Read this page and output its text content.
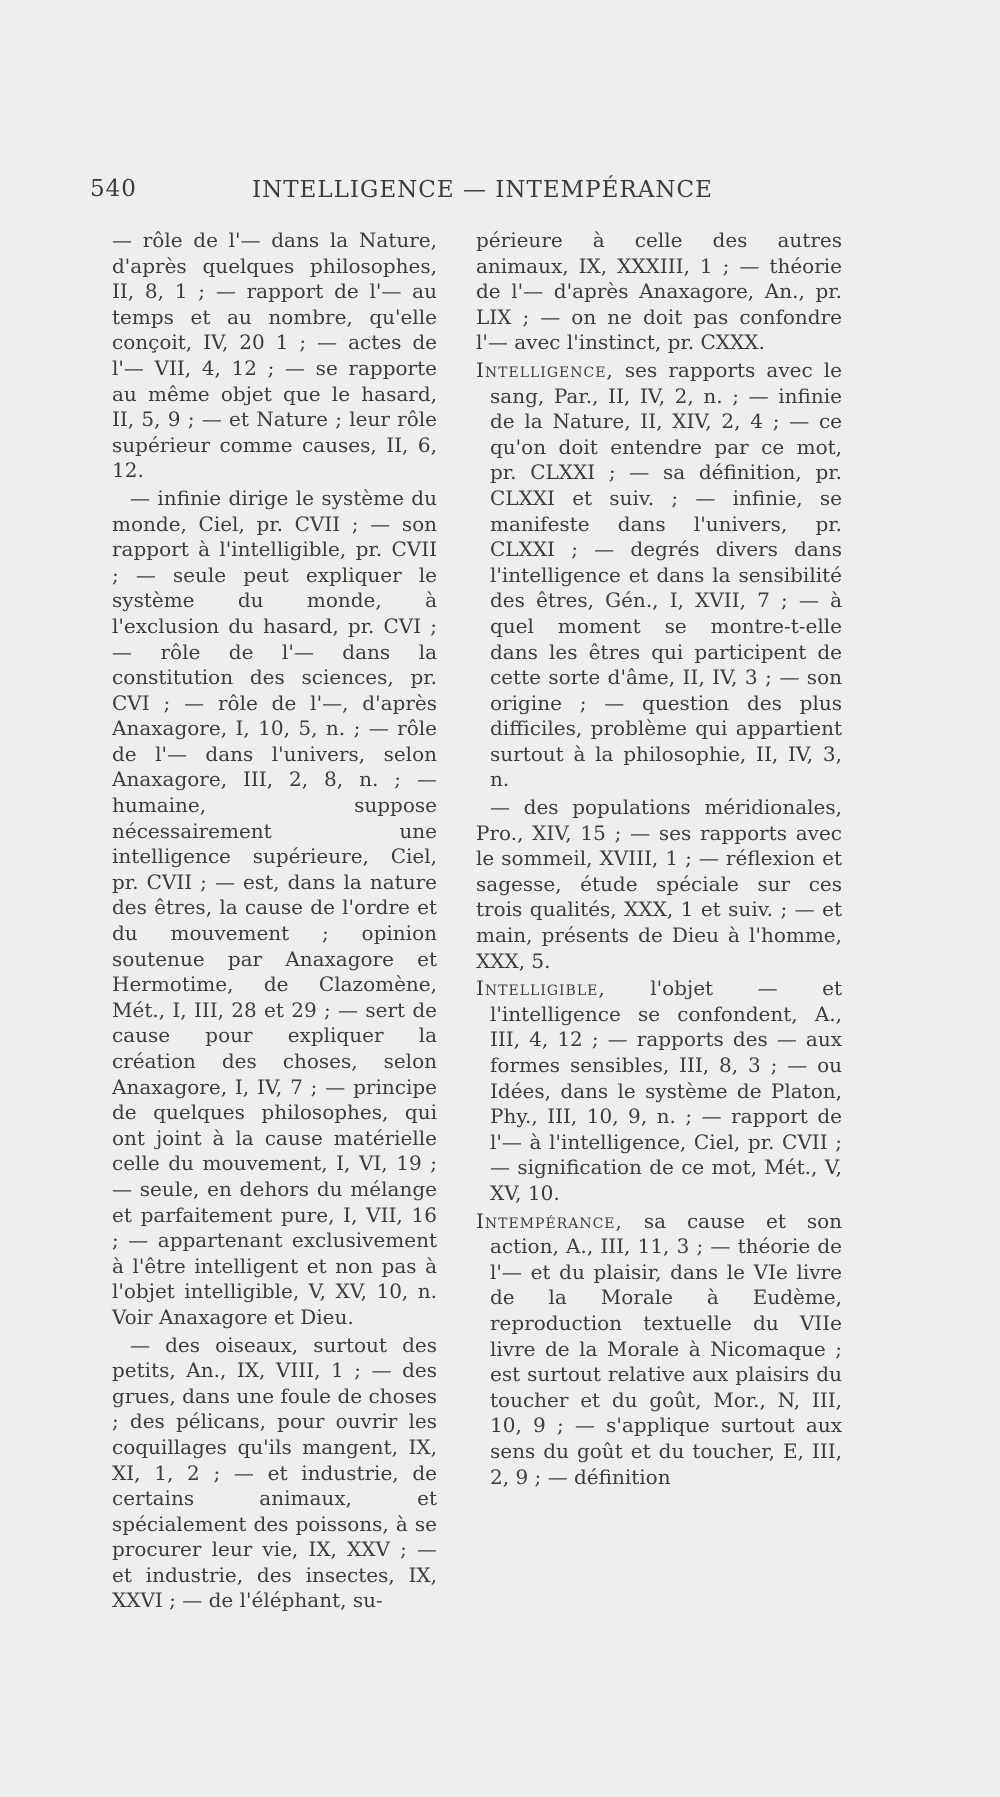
540	INTELLIGENCE — INTEMPÉRANCE

— rôle de l'— dans la Nature, d'après quelques philosophes, II, 8, 1 ; — rapport de l'— au temps et au nombre, qu'elle conçoit, IV, 20 1 ; — actes de l'— VII, 4, 12 ; — se rapporte au même objet que le hasard, II, 5, 9 ; — et Nature ; leur rôle supérieur comme causes, II, 6, 12.

— infinie dirige le système du monde, Ciel, pr. CVII ; — son rapport à l'intelligible, pr. CVII ; — seule peut expliquer le système du monde, à l'exclusion du hasard, pr. CVI ; — rôle de l'— dans la constitution des sciences, pr. CVI ; — rôle de l'—, d'après Anaxagore, I, 10, 5, n. ; — rôle de l'— dans l'univers, selon Anaxagore, III, 2, 8, n. ; — humaine, suppose nécessairement une intelligence supérieure, Ciel, pr. CVII ; — est, dans la nature des êtres, la cause de l'ordre et du mouvement ; opinion soutenue par Anaxagore et Hermotime, de Clazomène, Mét., I, III, 28 et 29 ; — sert de cause pour expliquer la création des choses, selon Anaxagore, I, IV, 7 ; — principe de quelques philosophes, qui ont joint à la cause matérielle celle du mouvement, I, VI, 19 ; — seule, en dehors du mélange et parfaitement pure, I, VII, 16 ; — appartenant exclusivement à l'être intelligent et non pas à l'objet intelligible, V, XV, 10, n. Voir Anaxagore et Dieu.

— des oiseaux, surtout des petits, An., IX, VIII, 1 ; — des grues, dans une foule de choses ; des pélicans, pour ouvrir les coquillages qu'ils mangent, IX, XI, 1, 2 ; — et industrie, de certains animaux, et spécialement des poissons, à se procurer leur vie, IX, XXV ; — et industrie, des insectes, IX, XXVI ; — de l'éléphant, su-

périeure à celle des autres animaux, IX, XXXIII, 1 ; — théorie de l'— d'après Anaxagore, An., pr. LIX ; — on ne doit pas confondre l'— avec l'instinct, pr. CXXX.

Intelligence, ses rapports avec le sang, Par., II, IV, 2, n. ; — infinie de la Nature, II, XIV, 2, 4 ; — ce qu'on doit entendre par ce mot, pr. CLXXI ; — sa définition, pr. CLXXI et suiv. ; — infinie, se manifeste dans l'univers, pr. CLXXI ; — degrés divers dans l'intelligence et dans la sensibilité des êtres, Gén., I, XVII, 7 ; — à quel moment se montre-t-elle dans les êtres qui participent de cette sorte d'âme, II, IV, 3 ; — son origine ; — question des plus difficiles, problème qui appartient surtout à la philosophie, II, IV, 3, n.

— des populations méridionales, Pro., XIV, 15 ; — ses rapports avec le sommeil, XVIII, 1 ; — réflexion et sagesse, étude spéciale sur ces trois qualités, XXX, 1 et suiv. ; — et main, présents de Dieu à l'homme, XXX, 5.

Intelligible, l'objet — et l'intelligence se confondent, A., III, 4, 12 ; — rapports des — aux formes sensibles, III, 8, 3 ; — ou Idées, dans le système de Platon, Phy., III, 10, 9, n. ; — rapport de l'— à l'intelligence, Ciel, pr. CVII ; — signification de ce mot, Mét., V, XV, 10.

Intempérance, sa cause et son action, A., III, 11, 3 ; — théorie de l'— et du plaisir, dans le VIe livre de la Morale à Eudème, reproduction textuelle du VIIe livre de la Morale à Nicomaque ; est surtout relative aux plaisirs du toucher et du goût, Mor., N, III, 10, 9 ; — s'applique surtout aux sens du goût et du toucher, E, III, 2, 9 ; — définition
